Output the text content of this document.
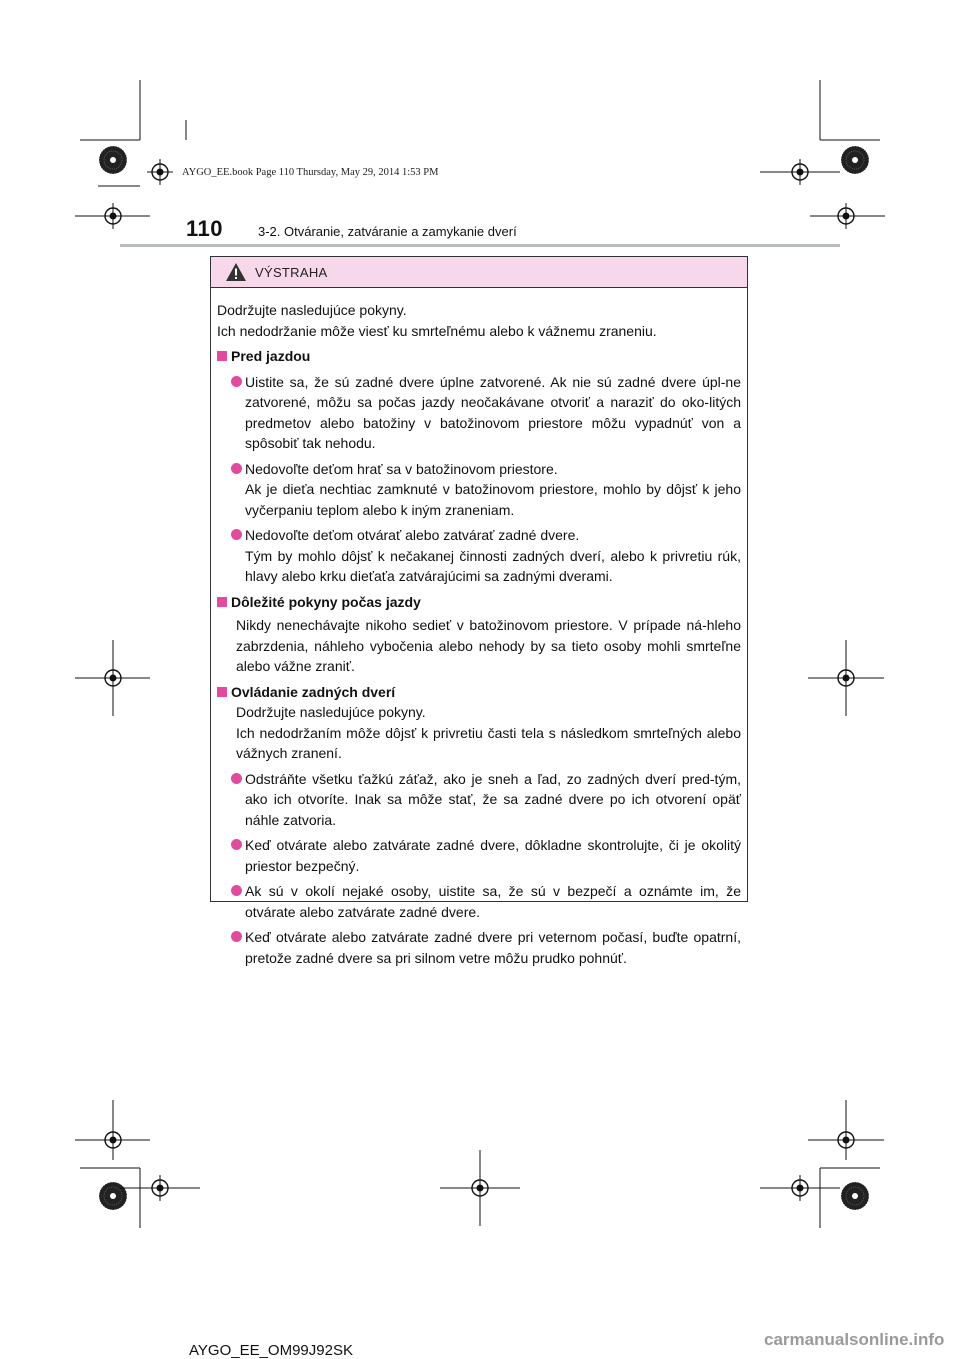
AYGO_EE.book Page 110 Thursday, May 29, 2014 1:53 PM
110	3-2. Otváranie, zatváranie a zamykanie dverí
VÝSTRAHA

Dodržujte nasledujúce pokyny.

Ich nedodržanie môže viesť ku smrteľnému alebo k vážnemu zraneniu.

Pred jazdou
Uistite sa, že sú zadné dvere úplne zatvorené. Ak nie sú zadné dvere úpl-ne zatvorené, môžu sa počas jazdy neočakávane otvoriť a naraziť do oko-litých predmetov alebo batožiny v batožinovom priestore môžu vypadnúť von a spôsobiť tak nehodu.
Nedovoľte deťom hrať sa v batožinovom priestore.
Ak je dieťa nechtiac zamknuté v batožinovom priestore, mohlo by dôjsť k jeho vyčerpaniu teplom alebo k iným zraneniam.
Nedovoľte deťom otvárať alebo zatvárať zadné dvere.
Tým by mohlo dôjsť k nečakanej činnosti zadných dverí, alebo k privretiu rúk, hlavy alebo krku dieťaťa zatvárajúcimi sa zadnými dverami.
Dôležité pokyny počas jazdy
Nikdy nenechávajte nikoho sedieť v batožinovom priestore. V prípade ná-hleho zabrzdenia, náhleho vybočenia alebo nehody by sa tieto osoby mohli smrteľne alebo vážne zraniť.
Ovládanie zadných dverí
Dodržujte nasledujúce pokyny.
Ich nedodržaním môže dôjsť k privretiu časti tela s následkom smrteľných alebo vážnych zranení.
Odstráňte všetku ťažkú záťaž, ako je sneh a ľad, zo zadných dverí pred-tým, ako ich otvoríte. Inak sa môže stať, že sa zadné dvere po ich otvorení opäť náhle zatvoria.
Keď otvárate alebo zatvárate zadné dvere, dôkladne skontrolujte, či je okolitý priestor bezpečný.
Ak sú v okolí nejaké osoby, uistite sa, že sú v bezpečí a oznámte im, že otvárate alebo zatvárate zadné dvere.
Keď otvárate alebo zatvárate zadné dvere pri veternom počasí, buďte opatrní, pretože zadné dvere sa pri silnom vetre môžu prudko pohnúť.
AYGO_EE_OM99J92SK
carmanualsonline.info
